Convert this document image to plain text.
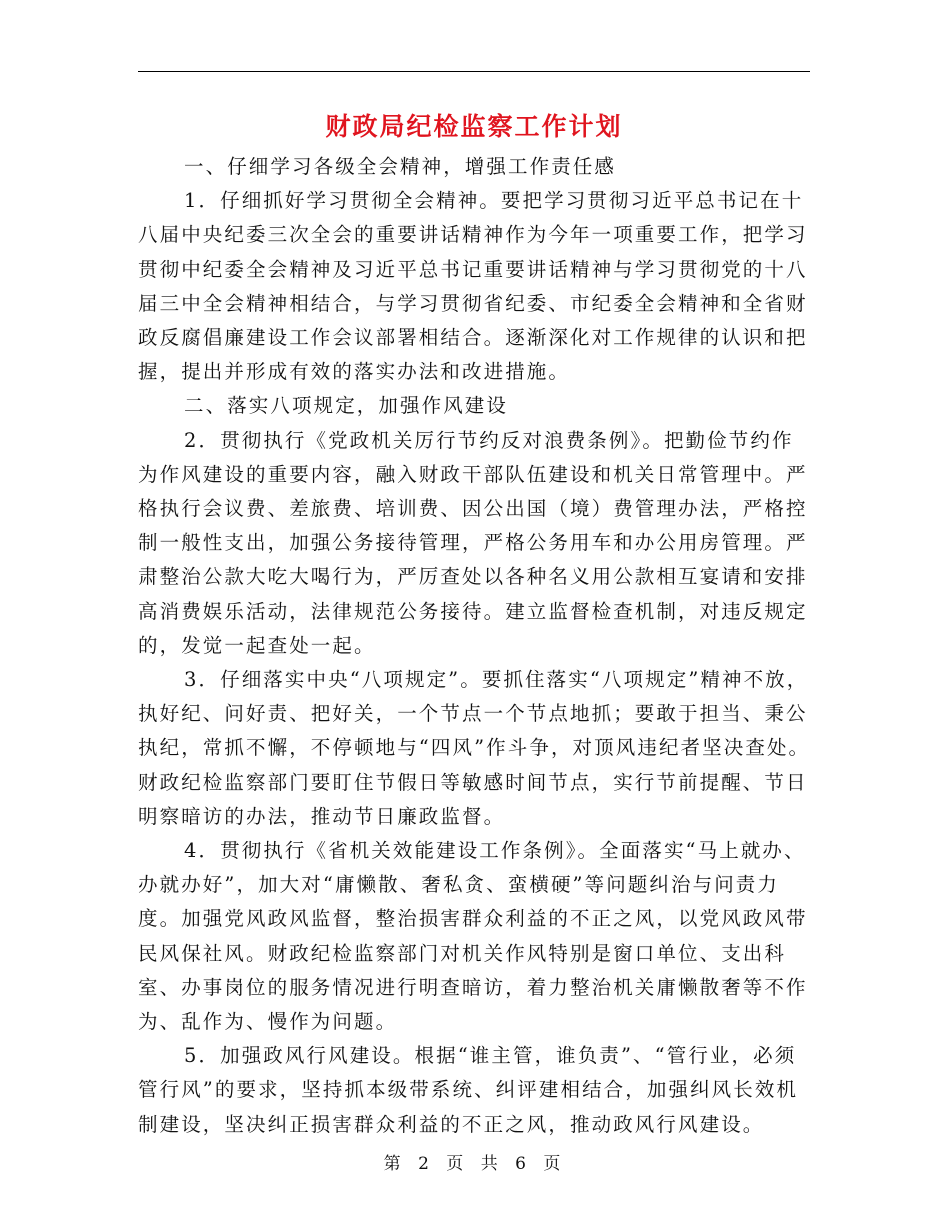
财政局纪检监察工作计划

一、仔细学习各级全会精神，增强工作责任感

1．仔细抓好学习贯彻全会精神。要把学习贯彻习近平总书记在十八届中央纪委三次全会的重要讲话精神作为今年一项重要工作，把学习贯彻中纪委全会精神及习近平总书记重要讲话精神与学习贯彻党的十八届三中全会精神相结合，与学习贯彻省纪委、市纪委全会精神和全省财政反腐倡廉建设工作会议部署相结合。逐渐深化对工作规律的认识和把握，提出并形成有效的落实办法和改进措施。

二、落实八项规定，加强作风建设

2．贯彻执行《党政机关厉行节约反对浪费条例》。把勤俭节约作为作风建设的重要内容，融入财政干部队伍建设和机关日常管理中。严格执行会议费、差旅费、培训费、因公出国（境）费管理办法，严格控制一般性支出，加强公务接待管理，严格公务用车和办公用房管理。严肃整治公款大吃大喝行为，严厉查处以各种名义用公款相互宴请和安排高消费娱乐活动，法律规范公务接待。建立监督检查机制，对违反规定的，发觉一起查处一起。

3．仔细落实中央“八项规定”。要抓住落实“八项规定”精神不放，执好纪、问好责、把好关，一个节点一个节点地抓；要敢于担当、秉公执纪，常抓不懈，不停顿地与“四风”作斗争，对顶风违纪者坚决查处。财政纪检监察部门要盯住节假日等敏感时间节点，实行节前提醒、节日明察暗访的办法，推动节日廉政监督。

4．贯彻执行《省机关效能建设工作条例》。全面落实“马上就办、办就办好”，加大对“庸懒散、奢私贪、蛮横硬”等问题纠治与问责力度。加强党风政风监督，整治损害群众利益的不正之风，以党风政风带民风保社风。财政纪检监察部门对机关作风特别是窗口单位、支出科室、办事岗位的服务情况进行明查暗访，着力整治机关庸懒散奢等不作为、乱作为、慢作为问题。

5．加强政风行风建设。根据“谁主管，谁负责”、“管行业，必须管行风”的要求，坚持抓本级带系统、纠评建相结合，加强纠风长效机制建设，坚决纠正损害群众利益的不正之风，推动政风行风建设。

第 2 页 共 6 页
